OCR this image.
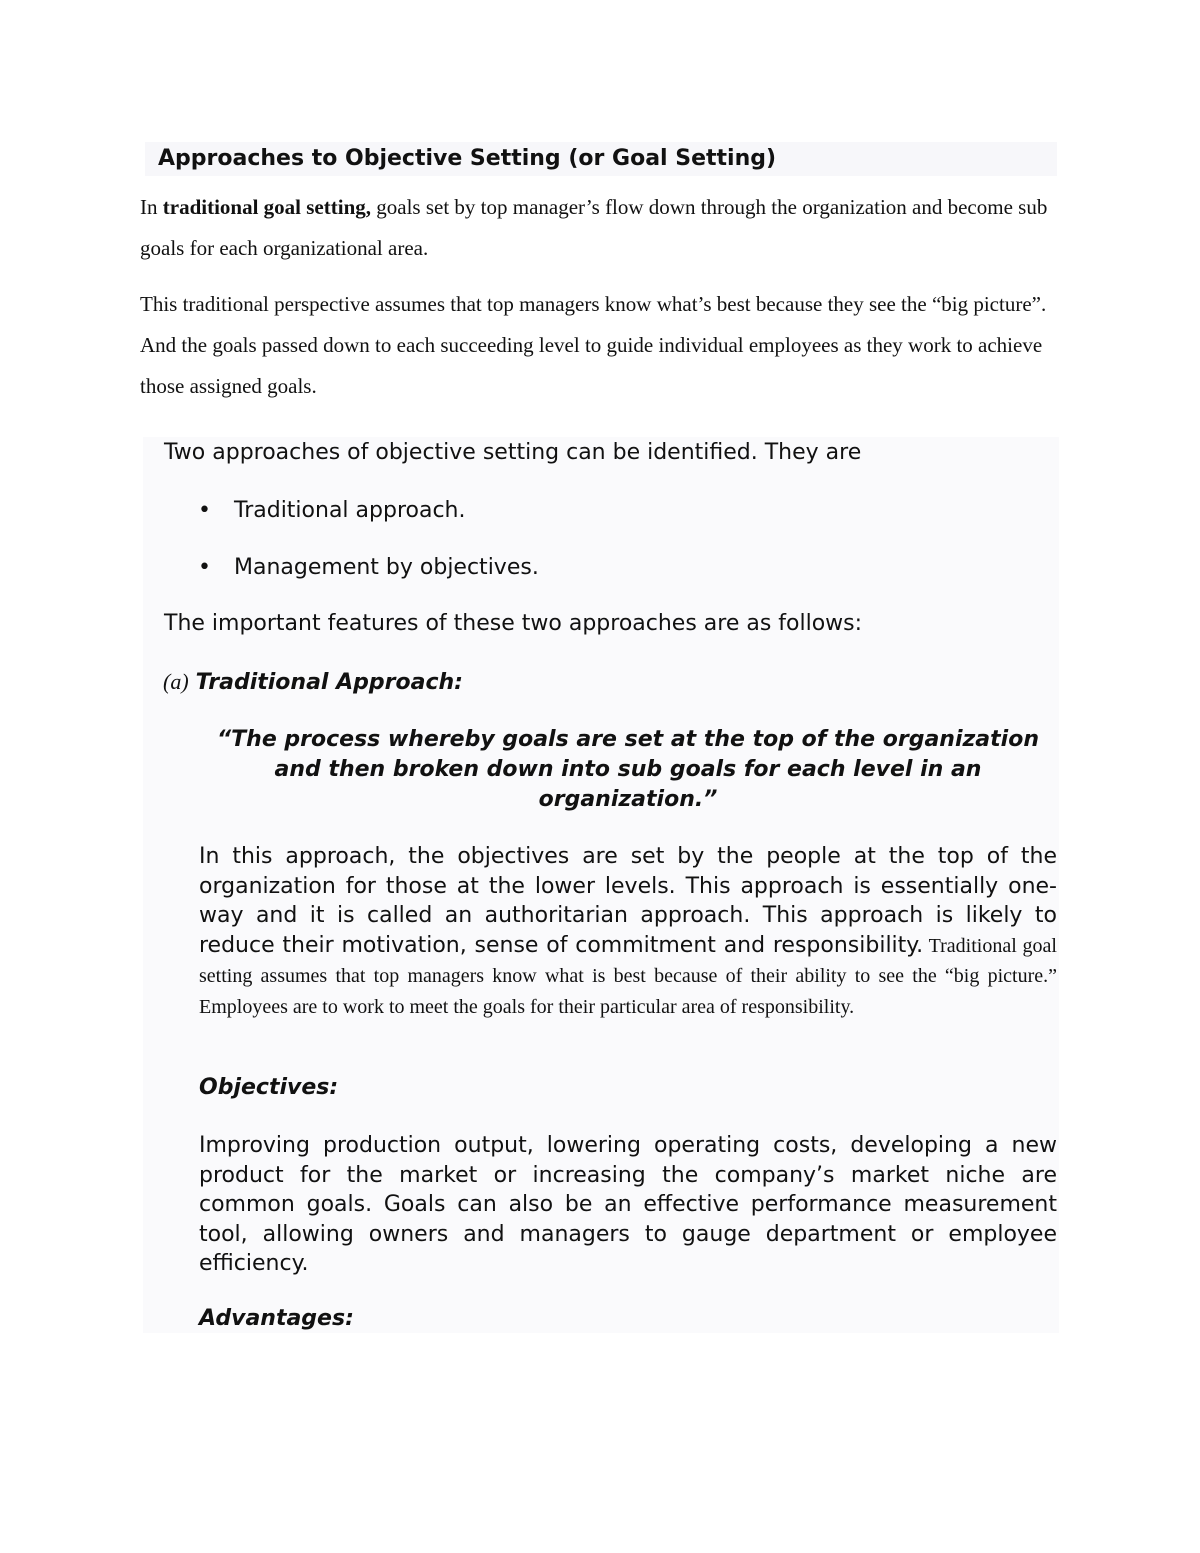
Approaches to Objective Setting (or Goal Setting)

In traditional goal setting, goals set by top manager’s flow down through the organization and become sub goals for each organizational area.

This traditional perspective assumes that top managers know what’s best because they see the “big picture”. And the goals passed down to each succeeding level to guide individual employees as they work to achieve those assigned goals.

Two approaches of objective setting can be identified. They are

• Traditional approach.
• Management by objectives.

The important features of these two approaches are as follows:

(a) Traditional Approach:

“The process whereby goals are set at the top of the organization and then broken down into sub goals for each level in an organization.”

In this approach, the objectives are set by the people at the top of the organization for those at the lower levels. This approach is essentially one-way and it is called an authoritarian approach. This approach is likely to reduce their motivation, sense of commitment and responsibility. Traditional goal setting assumes that top managers know what is best because of their ability to see the “big picture.” Employees are to work to meet the goals for their particular area of responsibility.

Objectives:

Improving production output, lowering operating costs, developing a new product for the market or increasing the company’s market niche are common goals. Goals can also be an effective performance measurement tool, allowing owners and managers to gauge department or employee efficiency.

Advantages:
